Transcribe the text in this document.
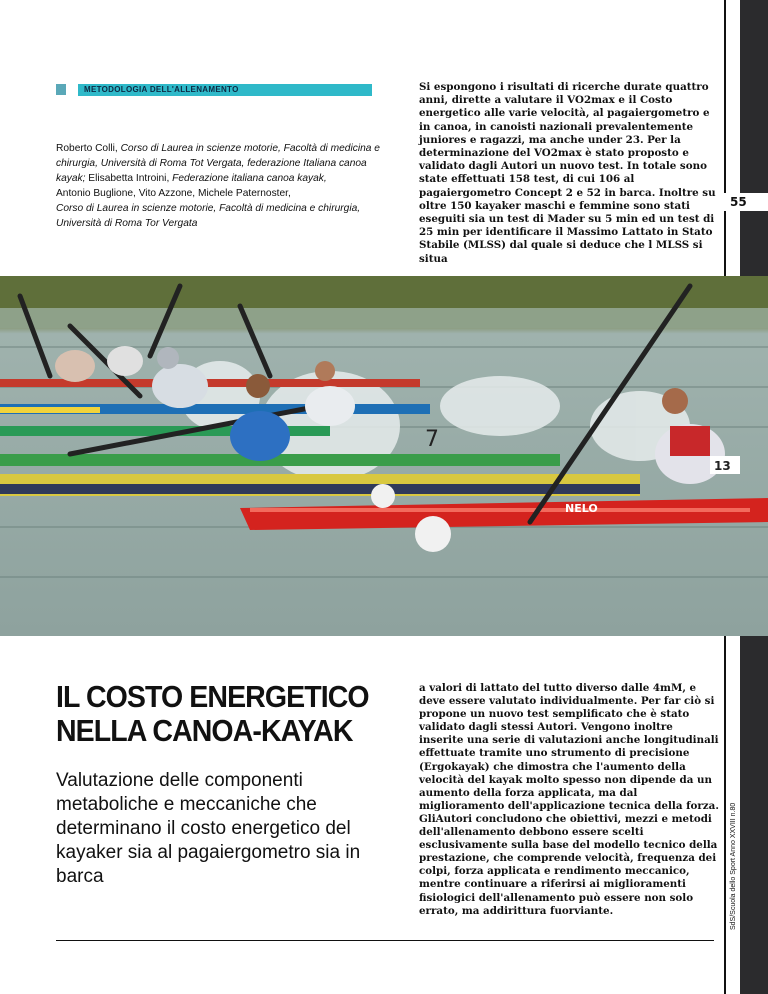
METODOLOGIA DELL'ALLENAMENTO
Roberto Colli, Corso di Laurea in scienze motorie, Facoltà di medicina e chirurgia, Università di Roma Tot Vergata, federazione Italiana canoa kayak; Elisabetta Introini, Federazione italiana canoa kayak,
Antonio Buglione, Vito Azzone, Michele Paternoster,
Corso di Laurea in scienze motorie, Facoltà di medicina e chirurgia, Università di Roma Tor Vergata

Si espongono i risultati di ricerche durate quattro anni, dirette a valutare il VO2max e il Costo energetico alle varie velocità, al pagaiergometro e in canoa, in canoisti nazionali prevalentemente juniores e ragazzi, ma anche under 23. Per la determinazione del VO2max è stato proposto e validato dagli Autori un nuovo test. In totale sono state effettuati 158 test, di cui 106 al pagaiergometro Concept 2 e 52 in barca. Inoltre su oltre 150 kayaker maschi e femmine sono stati eseguiti sia un test di Mader su 5 min ed un test di 25 min per identificare il Massimo Lattato in Stato Stabile (MLSS) dal quale si deduce che l MLSS si situa

55
NELO
7
13
IL COSTO ENERGETICO
NELLA CANOA-KAYAK
Valutazione delle componenti metaboliche e meccaniche che determinano il costo energetico del kayaker sia al pagaiergometro sia in barca

a valori di lattato del tutto diverso dalle 4mM, e deve essere valutato individualmente. Per far ciò si propone un nuovo test semplificato che è stato validato dagli stessi Autori. Vengono inoltre inserite una serie di valutazioni anche longitudinali effettuate tramite uno strumento di precisione (Ergokayak) che dimostra che l'aumento della velocità del kayak molto spesso non dipende da un aumento della forza applicata, ma dal miglioramento dell'applicazione tecnica della forza. GliAutori concludono che obiettivi, mezzi e metodi dell'allenamento debbono essere scelti esclusivamente sulla base del modello tecnico della prestazione, che comprende velocità, frequenza dei colpi, forza applicata e rendimento meccanico, mentre continuare a riferirsi ai miglioramenti fisiologici dell'allenamento può essere non solo errato, ma addirittura fuorviante.	SdS/Scuola dello Sport Anno XXVIII n.80
